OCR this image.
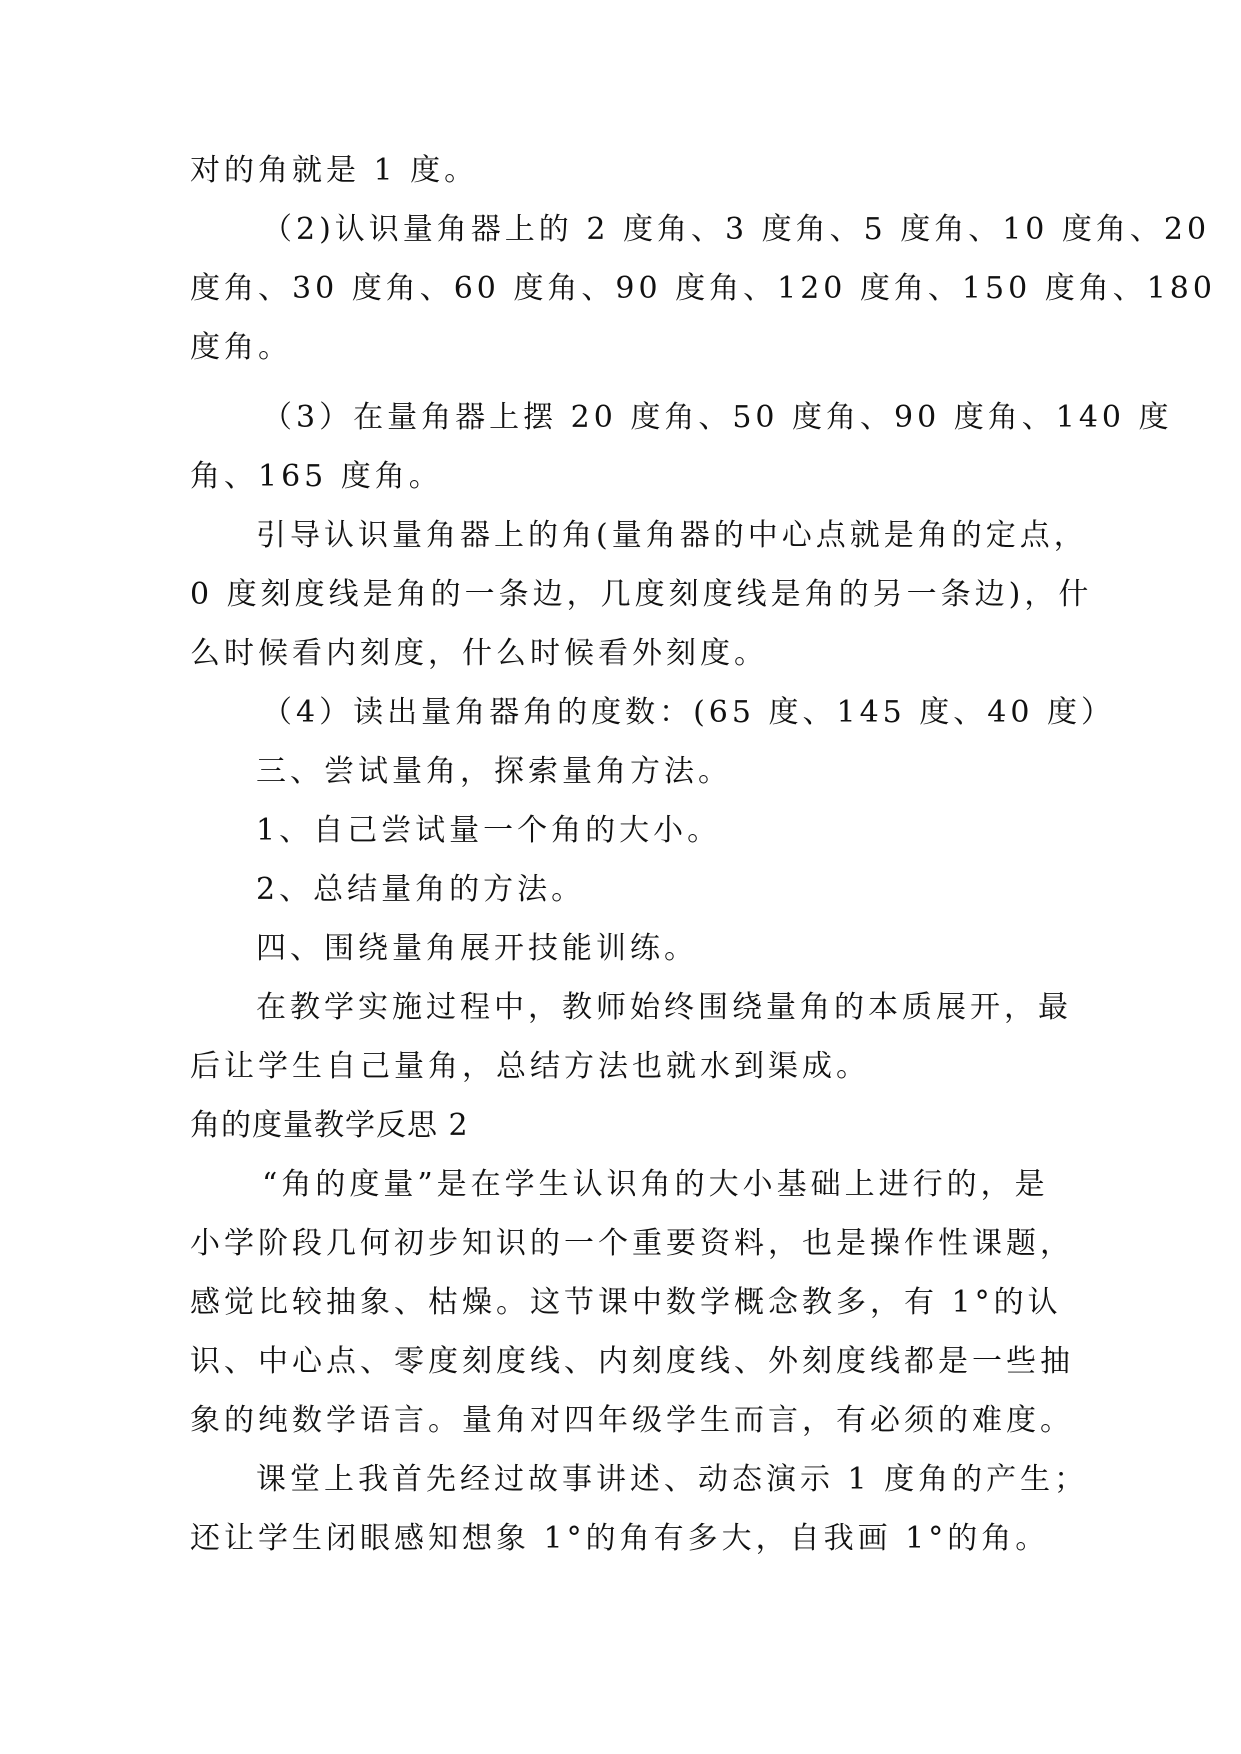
对的角就是 1 度。
（2)认识量角器上的 2 度角、3 度角、5 度角、10 度角、20
度角、30 度角、60 度角、90 度角、120 度角、150 度角、180
度角。
（3）在量角器上摆 20 度角、50 度角、90 度角、140 度
角、165 度角。
引导认识量角器上的角(量角器的中心点就是角的定点，
0 度刻度线是角的一条边，几度刻度线是角的另一条边)，什
么时候看内刻度，什么时候看外刻度。
（4）读出量角器角的度数：(65 度、145 度、40 度）
三、尝试量角，探索量角方法。
1、自己尝试量一个角的大小。
2、总结量角的方法。
四、围绕量角展开技能训练。
在教学实施过程中，教师始终围绕量角的本质展开，最
后让学生自己量角，总结方法也就水到渠成。
角的度量教学反思 2
“角的度量”是在学生认识角的大小基础上进行的，是
小学阶段几何初步知识的一个重要资料，也是操作性课题，
感觉比较抽象、枯燥。这节课中数学概念教多，有 1°的认
识、中心点、零度刻度线、内刻度线、外刻度线都是一些抽
象的纯数学语言。量角对四年级学生而言，有必须的难度。
课堂上我首先经过故事讲述、动态演示 1 度角的产生；
还让学生闭眼感知想象 1°的角有多大，自我画 1°的角。
